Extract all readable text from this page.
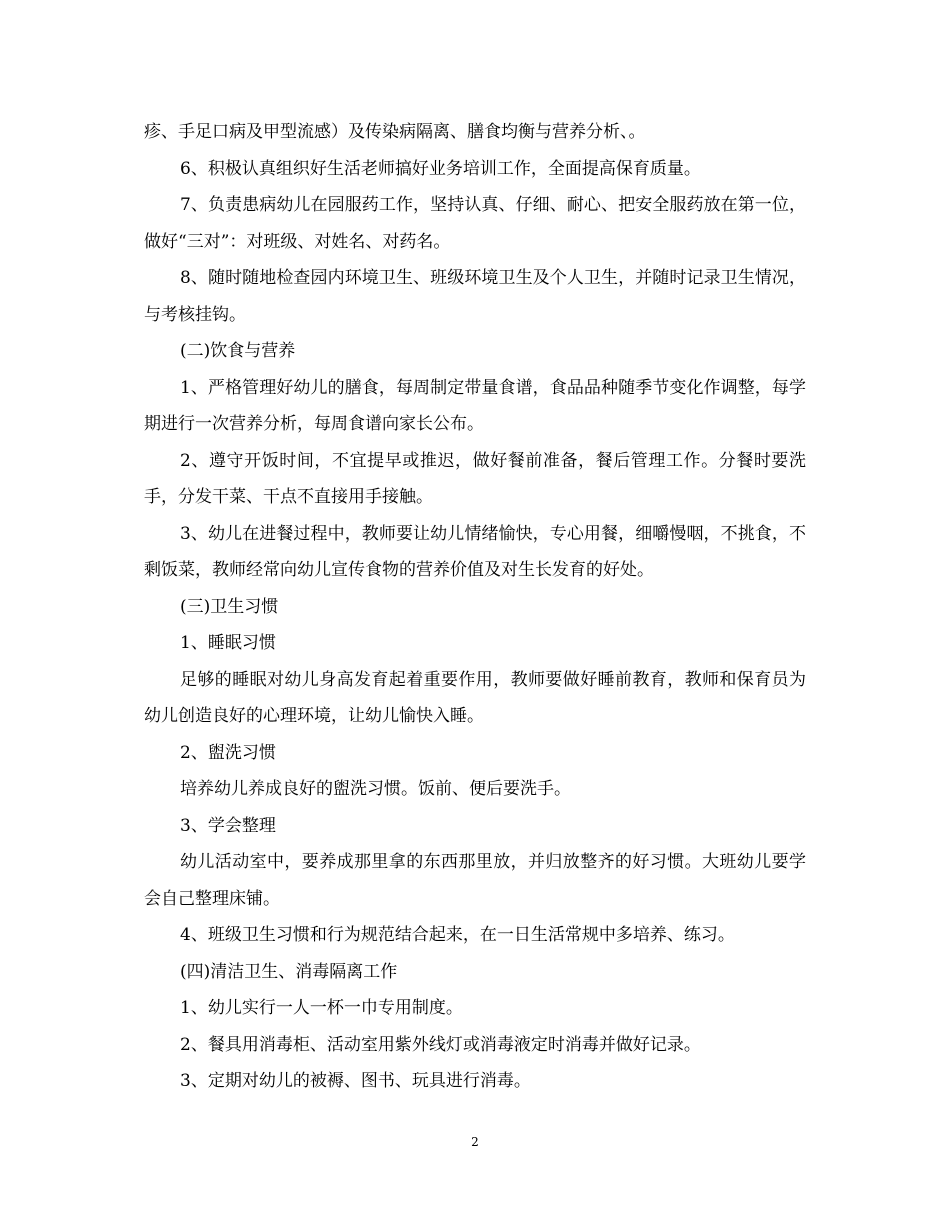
疹、手足口病及甲型流感）及传染病隔离、膳食均衡与营养分析、。

6、积极认真组织好生活老师搞好业务培训工作，全面提高保育质量。

7、负责患病幼儿在园服药工作，坚持认真、仔细、耐心、把安全服药放在第一位，做好“三对”：对班级、对姓名、对药名。

8、随时随地检查园内环境卫生、班级环境卫生及个人卫生，并随时记录卫生情况，与考核挂钩。

(二)饮食与营养

1、严格管理好幼儿的膳食，每周制定带量食谱，食品品种随季节变化作调整，每学期进行一次营养分析，每周食谱向家长公布。

2、遵守开饭时间，不宜提早或推迟，做好餐前准备，餐后管理工作。分餐时要洗手，分发干菜、干点不直接用手接触。

3、幼儿在进餐过程中，教师要让幼儿情绪愉快，专心用餐，细嚼慢咽，不挑食，不剩饭菜，教师经常向幼儿宣传食物的营养价值及对生长发育的好处。

(三)卫生习惯

1、睡眠习惯

足够的睡眠对幼儿身高发育起着重要作用，教师要做好睡前教育，教师和保育员为幼儿创造良好的心理环境，让幼儿愉快入睡。

2、盥洗习惯

培养幼儿养成良好的盥洗习惯。饭前、便后要洗手。

3、学会整理

幼儿活动室中，要养成那里拿的东西那里放，并归放整齐的好习惯。大班幼儿要学会自己整理床铺。

4、班级卫生习惯和行为规范结合起来，在一日生活常规中多培养、练习。

(四)清洁卫生、消毒隔离工作

1、幼儿实行一人一杯一巾专用制度。

2、餐具用消毒柜、活动室用紫外线灯或消毒液定时消毒并做好记录。

3、定期对幼儿的被褥、图书、玩具进行消毒。

2
